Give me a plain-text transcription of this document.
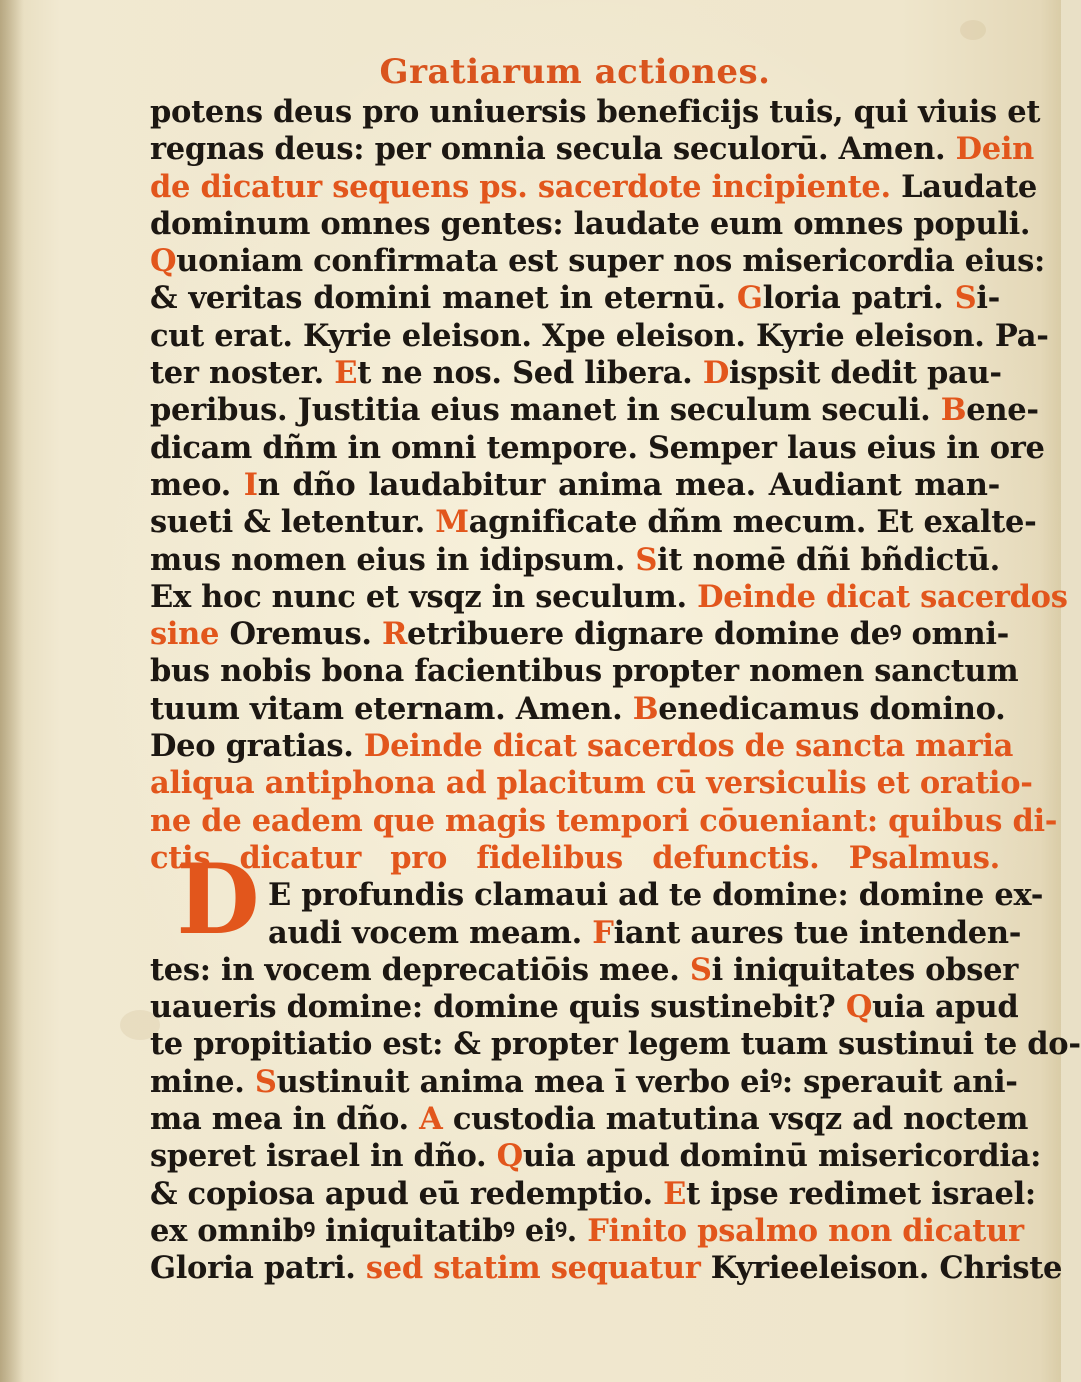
Gratiarum actiones.
potens deus pro uniuersis beneficijs tuis, qui viuis et
regnas deus: per omnia secula seculorū. Amen. Dein
de dicatur sequens ps. sacerdote incipiente. Laudate
dominum omnes gentes: laudate eum omnes populi.
Quoniam confirmata est super nos misericordia eius:
& veritas domini manet in eternū. Gloria patri. Si-
cut erat. Kyrie eleison. Xpe eleison. Kyrie eleison. Pa-
ter noster. Et ne nos. Sed libera. Dispsit dedit pau-
peribus. Justitia eius manet in seculum seculi. Bene-
dicam dñm in omni tempore. Semper laus eius in ore
meo. In dño laudabitur anima mea. Audiant man-
sueti & letentur. Magnificate dñm mecum. Et exalte-
mus nomen eius in idipsum. Sit nomē dñi bñdictū.
Ex hoc nunc et vsqz in seculum. Deinde dicat sacerdos
sine Oremus. Retribuere dignare domine deꝰ omni-
bus nobis bona facientibus propter nomen sanctum
tuum vitam eternam. Amen. Benedicamus domino.
Deo gratias. Deinde dicat sacerdos de sancta maria
aliqua antiphona ad placitum cū versiculis et oratio-
ne de eadem que magis tempori cōueniant: quibus di-
ctis dicatur pro fidelibus defunctis. Psalmus.
E profundis clamaui ad te domine: domine ex-
audi vocem meam. Fiant aures tue intenden-
tes: in vocem deprecatiōis mee. Si iniquitates obser
uaueris domine: domine quis sustinebit? Quia apud
te propitiatio est: & propter legem tuam sustinui te do-
mine. Sustinuit anima mea ī verbo eiꝰ: sperauit ani-
ma mea in dño. A custodia matutina vsqz ad noctem
speret israel in dño. Quia apud dominū misericordia:
& copiosa apud eū redemptio. Et ipse redimet israel:
ex omnibꝰ iniquitatibꝰ eiꝰ. Finito psalmo non dicatur
Gloria patri. sed statim sequatur Kyrieeleison. Christe
D
